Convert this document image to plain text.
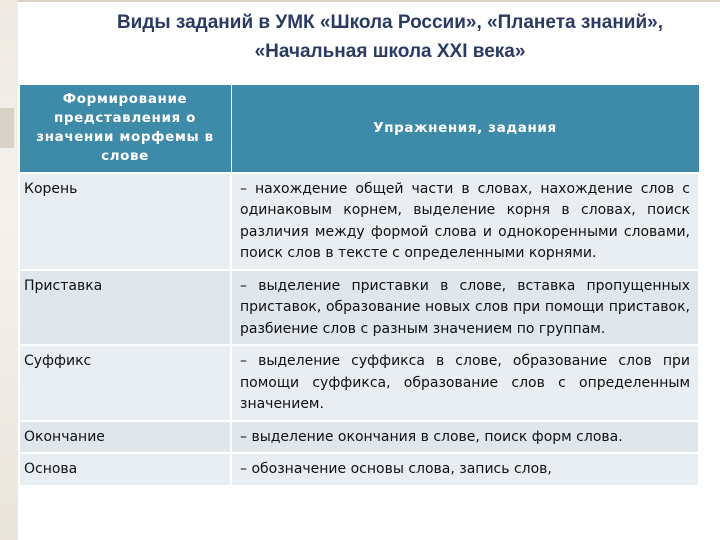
Виды заданий в УМК «Школа России», «Планета знаний»,
«Начальная школа XXI века»
Формирование представления о значении морфемы в слове	Упражнения, задания
Корень	– нахождение общей части в словах, нахождение слов с одинаковым корнем, выделение корня в словах, поиск различия между формой слова и однокоренными словами, поиск слов в тексте с определенными корнями.
Приставка	– выделение приставки в слове, вставка пропущенных приставок, образование новых слов при помощи приставок, разбиение слов с разным значением по группам.
Суффикс	– выделение суффикса в слове, образование слов при помощи суффикса, образование слов с определенным значением.
Окончание	– выделение окончания в слове, поиск форм слова.
Основа	– обозначение основы слова, запись слов,
